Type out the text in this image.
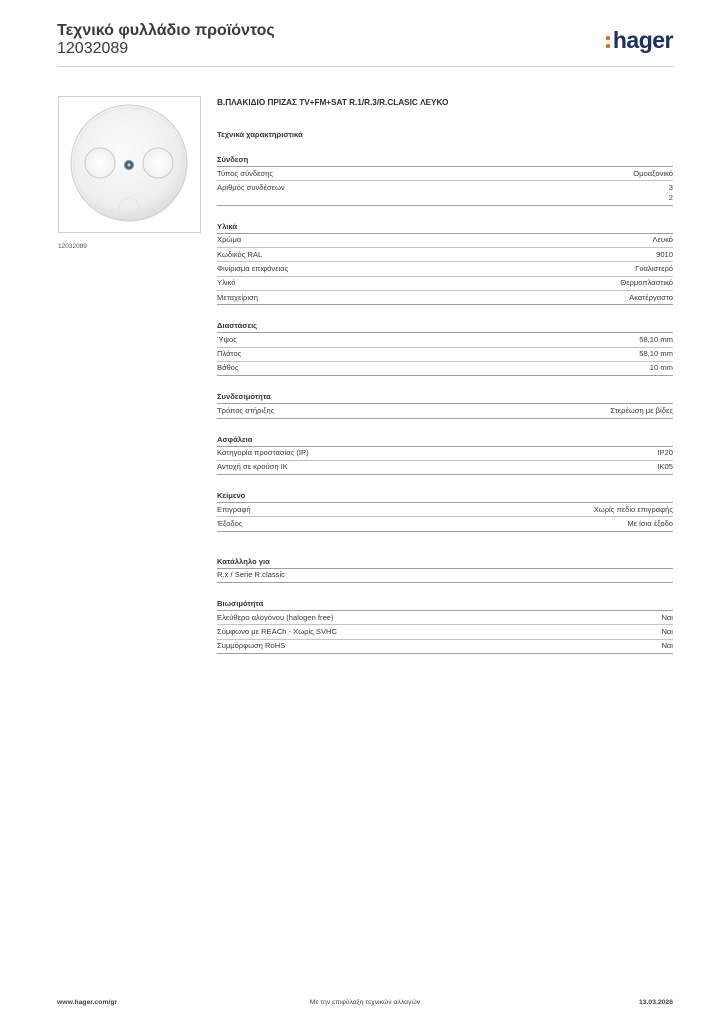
Τεχνικό φυλλάδιο προϊόντος
12032089	hager
12032089
Β.ΠΛΑΚΙΔΙΟ ΠΡΙΖΑΣ TV+FM+SAT R.1/R.3/R.CLASIC ΛΕΥΚΟ
Τεχνικά χαρακτηριστικά
Σύνδεση
Τύπος σύνδεσης	Ομοαξονικό
Αριθμός συνδέσεων	3
2
Υλικά
Χρώμα	Λευκό
Κωδικός RAL	9010
Φινίρισμα επιφάνειας	Γυαλιστερό
Υλικό	Θερμοπλαστικό
Μεταχείριση	Ακατέργαστο
Διαστάσεις
Ύψος	58,10 mm
Πλάτος	58,10 mm
Βάθος	10 mm
Συνδεσιμότητα
Τρόπος στήριξης	Στερέωση με βίδες
Ασφάλεια
Κατηγορία προστασίας (IP)	IP20
Αντοχή σε κρούση IK	IK05
Κείμενο
Επιγραφή	Χωρίς πεδίο επιγραφής
Έξοδος	Με ίσια έξοδο
Κατάλληλο για
R.x / Serie R.classic
Βιωσιμότητα
Ελεύθερο αλογόνου (halogen free)	Ναι
Σύμφωνο με REACh - Χωρίς SVHC	Ναι
Συμμόρφωση RoHS	Ναι
www.hager.com/gr	Με την επιφύλαξη τεχνικών αλλαγών	13.03.2026
